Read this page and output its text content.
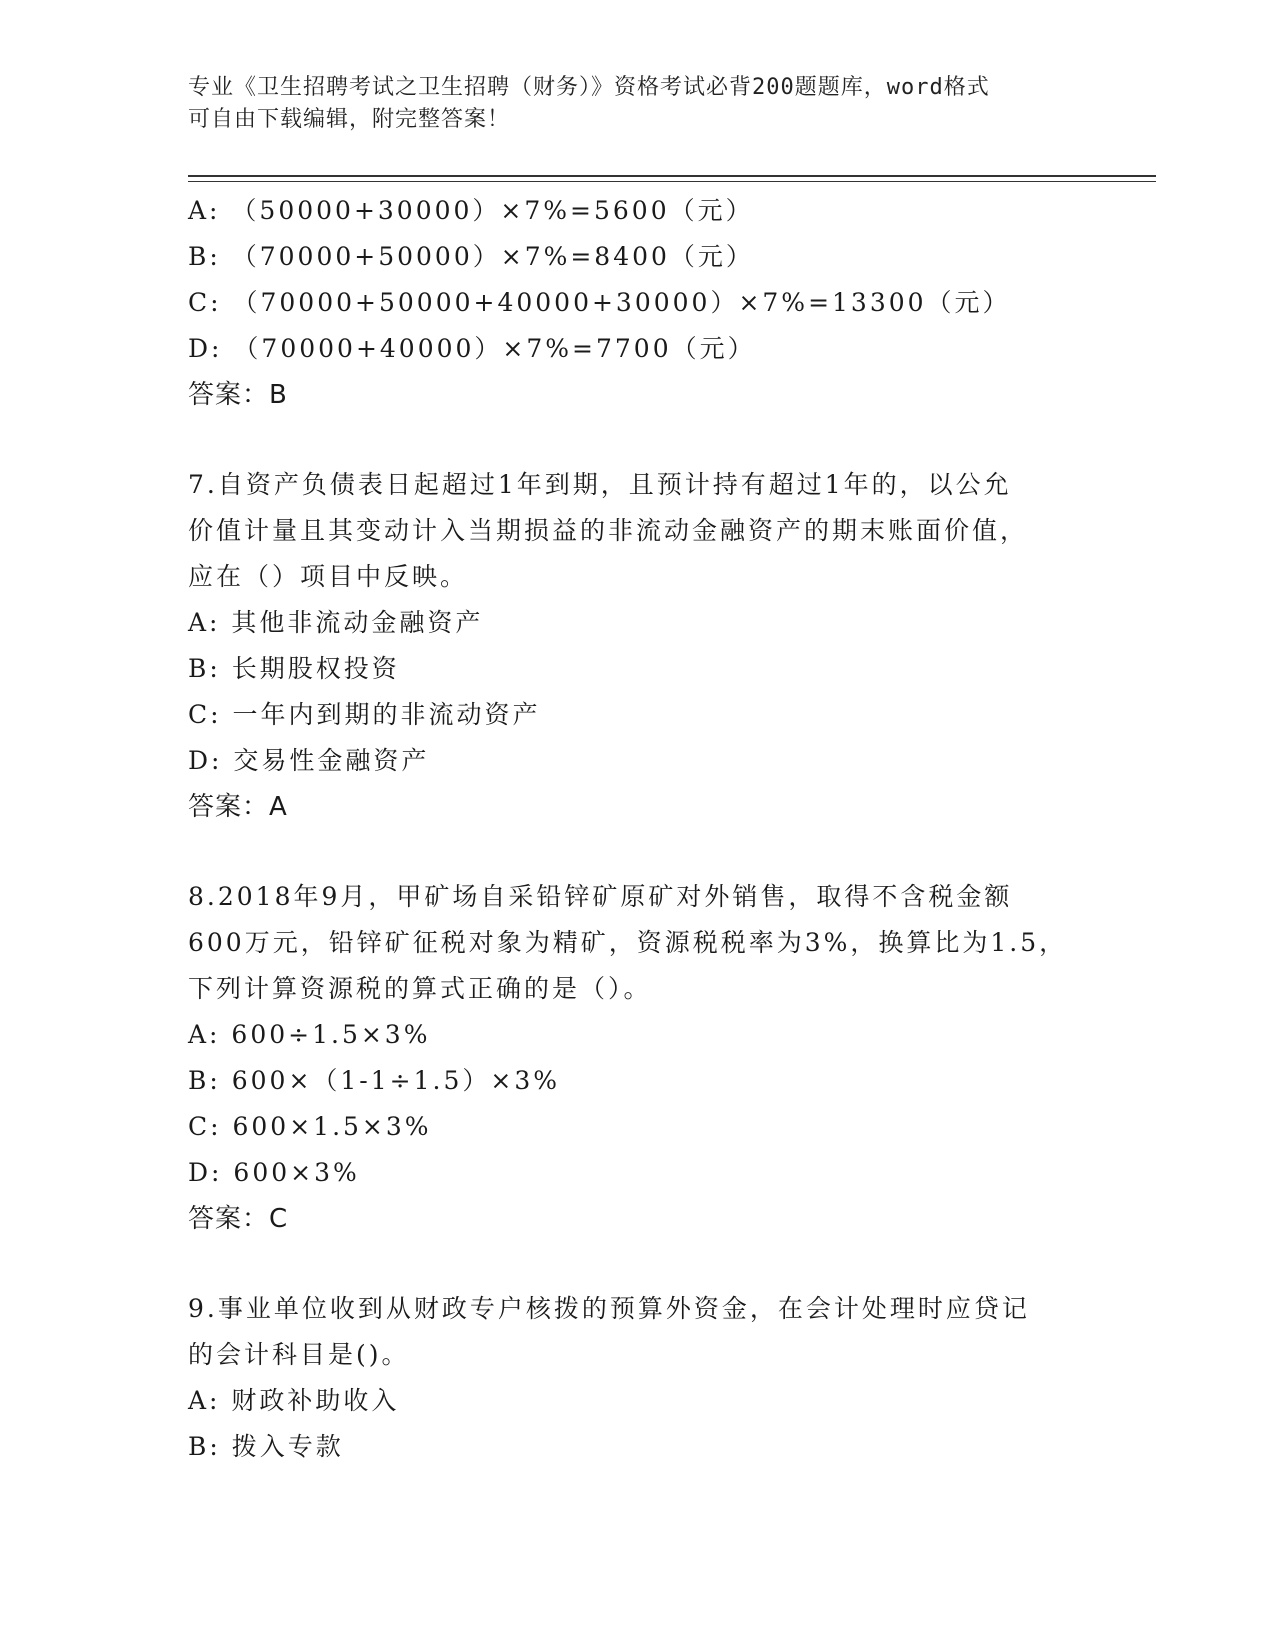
专业《卫生招聘考试之卫生招聘（财务）》资格考试必背200题题库，word格式
可自由下载编辑，附完整答案！
A: （50000+30000）×7%=5600（元）
B: （70000+50000）×7%=8400（元）
C: （70000+50000+40000+30000）×7%=13300（元）
D: （70000+40000）×7%=7700（元）
答案：B
7.自资产负债表日起超过1年到期，且预计持有超过1年的，以公允
价值计量且其变动计入当期损益的非流动金融资产的期末账面价值，
应在（）项目中反映。
A: 其他非流动金融资产
B: 长期股权投资
C: 一年内到期的非流动资产
D: 交易性金融资产
答案：A
8.2018年9月，甲矿场自采铅锌矿原矿对外销售，取得不含税金额
600万元，铅锌矿征税对象为精矿，资源税税率为3%，换算比为1.5，
下列计算资源税的算式正确的是（）。
A: 600÷1.5×3%
B: 600×（1-1÷1.5）×3%
C: 600×1.5×3%
D: 600×3%
答案：C
9.事业单位收到从财政专户核拨的预算外资金，在会计处理时应贷记
的会计科目是()。
A: 财政补助收入
B: 拨入专款
